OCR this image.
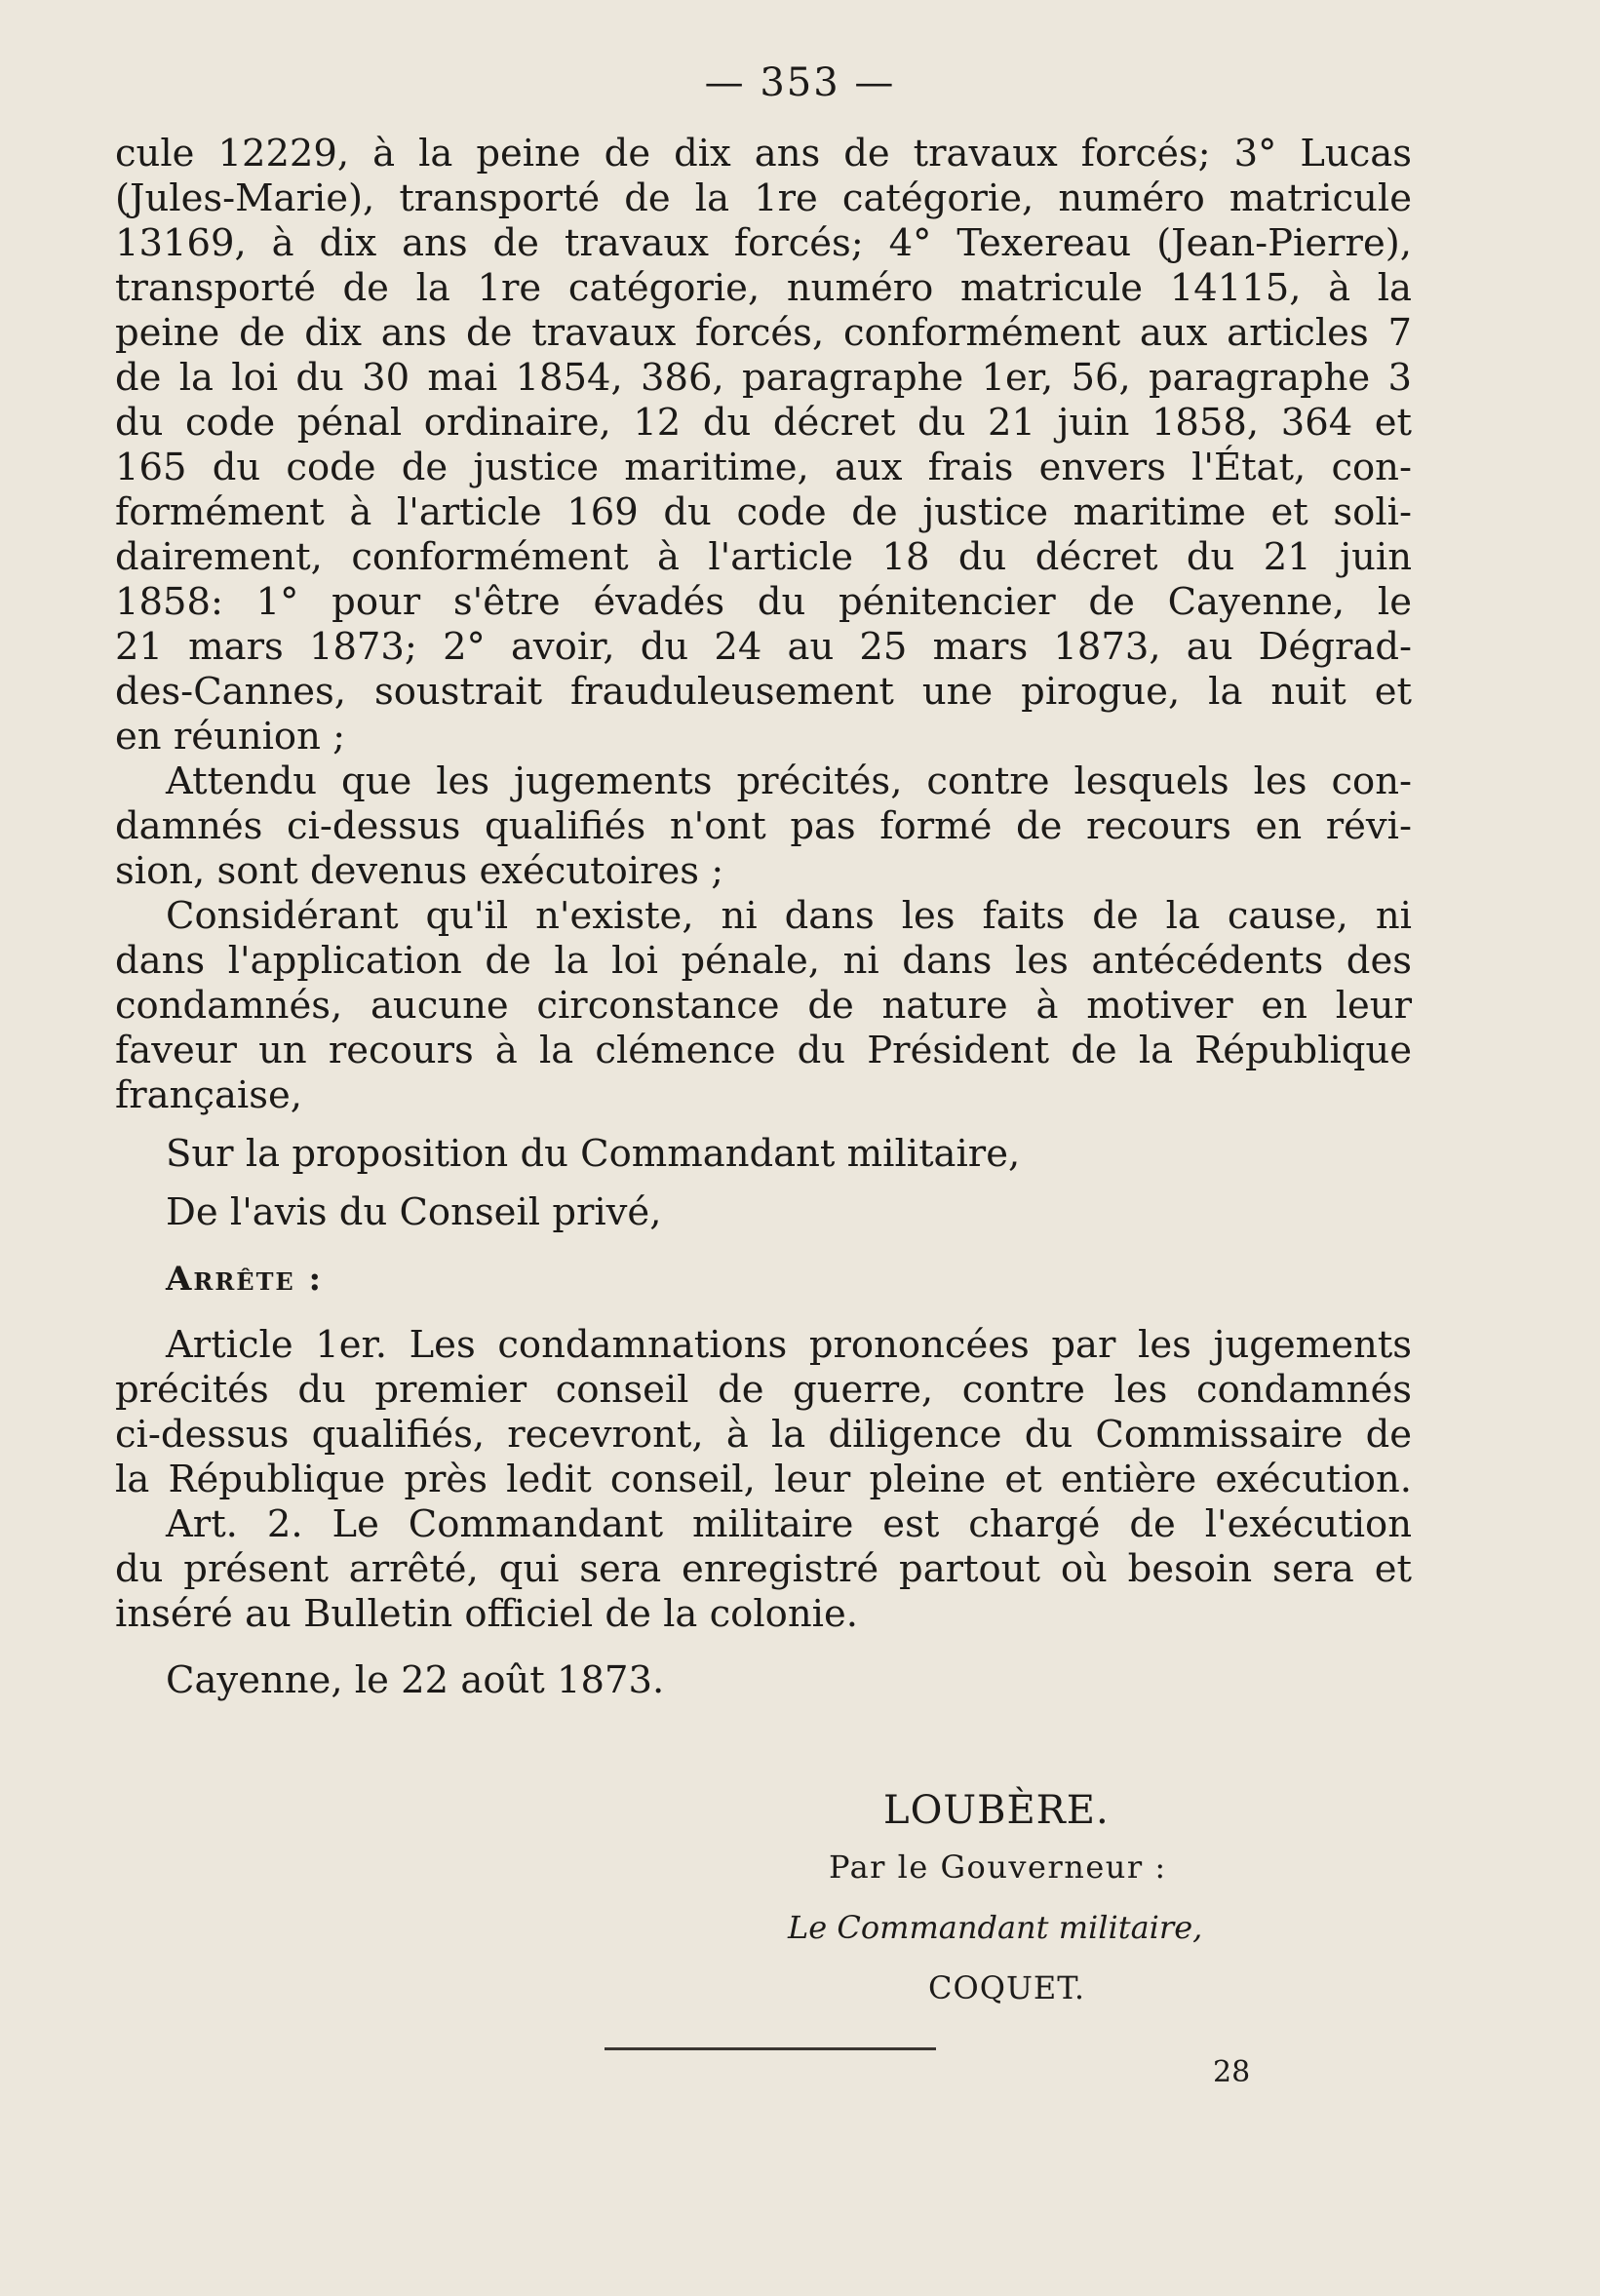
— 353 —
cule 12229, à la peine de dix ans de travaux forcés; 3° Lucas
(Jules-Marie), transporté de la 1re catégorie, numéro matricule
13169, à dix ans de travaux forcés; 4° Texereau (Jean-Pierre),
transporté de la 1re catégorie, numéro matricule 14115, à la
peine de dix ans de travaux forcés, conformément aux articles 7
de la loi du 30 mai 1854, 386, paragraphe 1er, 56, paragraphe 3
du code pénal ordinaire, 12 du décret du 21 juin 1858, 364 et
165 du code de justice maritime, aux frais envers l'État, con-
formément à l'article 169 du code de justice maritime et soli-
dairement, conformément à l'article 18 du décret du 21 juin
1858: 1° pour s'être évadés du pénitencier de Cayenne, le
21 mars 1873; 2° avoir, du 24 au 25 mars 1873, au Dégrad-
des-Cannes, soustrait frauduleusement une pirogue, la nuit et
en réunion ;
Attendu que les jugements précités, contre lesquels les con-
damnés ci-dessus qualifiés n'ont pas formé de recours en révi-
sion, sont devenus exécutoires ;
Considérant qu'il n'existe, ni dans les faits de la cause, ni
dans l'application de la loi pénale, ni dans les antécédents des
condamnés, aucune circonstance de nature à motiver en leur
faveur un recours à la clémence du Président de la République
française,
Sur la proposition du Commandant militaire,
De l'avis du Conseil privé,
Arrête :
Article 1er. Les condamnations prononcées par les jugements
précités du premier conseil de guerre, contre les condamnés
ci-dessus qualifiés, recevront, à la diligence du Commissaire de
la République près ledit conseil, leur pleine et entière exécution.
Art. 2. Le Commandant militaire est chargé de l'exécution
du présent arrêté, qui sera enregistré partout où besoin sera et
inséré au Bulletin officiel de la colonie.
Cayenne, le 22 août 1873.
LOUBÈRE.
Par le Gouverneur :
Le Commandant militaire,
COQUET.
28
